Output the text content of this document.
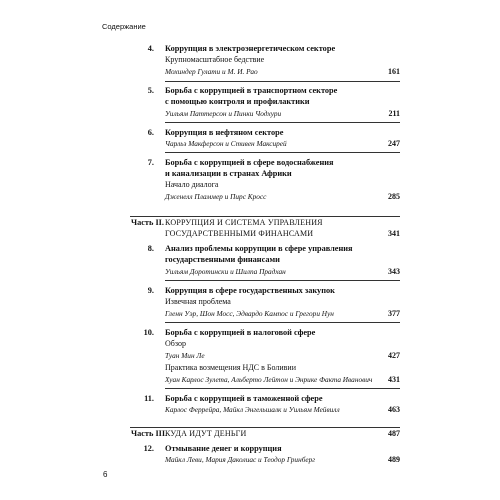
Содержание
4. Коррупция в электроэнергетическом секторе
Крупномасштабное бедствие
Мохиндер Гулати и М. И. Рао	161
5. Борьба с коррупцией в транспортном секторе
с помощью контроля и профилактики
Уильям Паттерсон и Пинки Чодхури	211
6. Коррупция в нефтяном секторе
Чарльз Макферсон и Стивен Максирей	247
7. Борьба с коррупцией в сфере водоснабжения
и канализации в странах Африки
Начало диалога
Дженелл Пламмер и Пирс Кросс	285
Часть II. КОРРУПЦИЯ И СИСТЕМА УПРАВЛЕНИЯ
ГОСУДАРСТВЕННЫМИ ФИНАНСАМИ	341
8. Анализ проблемы коррупции в сфере управления
государственными финансами
Уильям Доротински и Шилпа Прадхан	343
9. Коррупция в сфере государственных закупок
Извечная проблема
Гленн Уэр, Шон Мосс, Эдвардо Кампос и Грегори Нун	377
10. Борьба с коррупцией в налоговой сфере
Обзор
Туан Мин Ле	427
Практика возмещения НДС в Боливии
Хуан Карлос Зулета, Альберто Лейтон и Энрике Факта Иванович 431
11. Борьба с коррупцией в таможенной сфере
Карлос Феррейра, Майкл Энгельшалк и Уильям Мейвилл	463
Часть III.
КУДА ИДУТ ДЕНЬГИ	487
12. Отмывание денег и коррупция
Майкл Леви, Мария Даколиас и Теодор Гринберг	489
6
